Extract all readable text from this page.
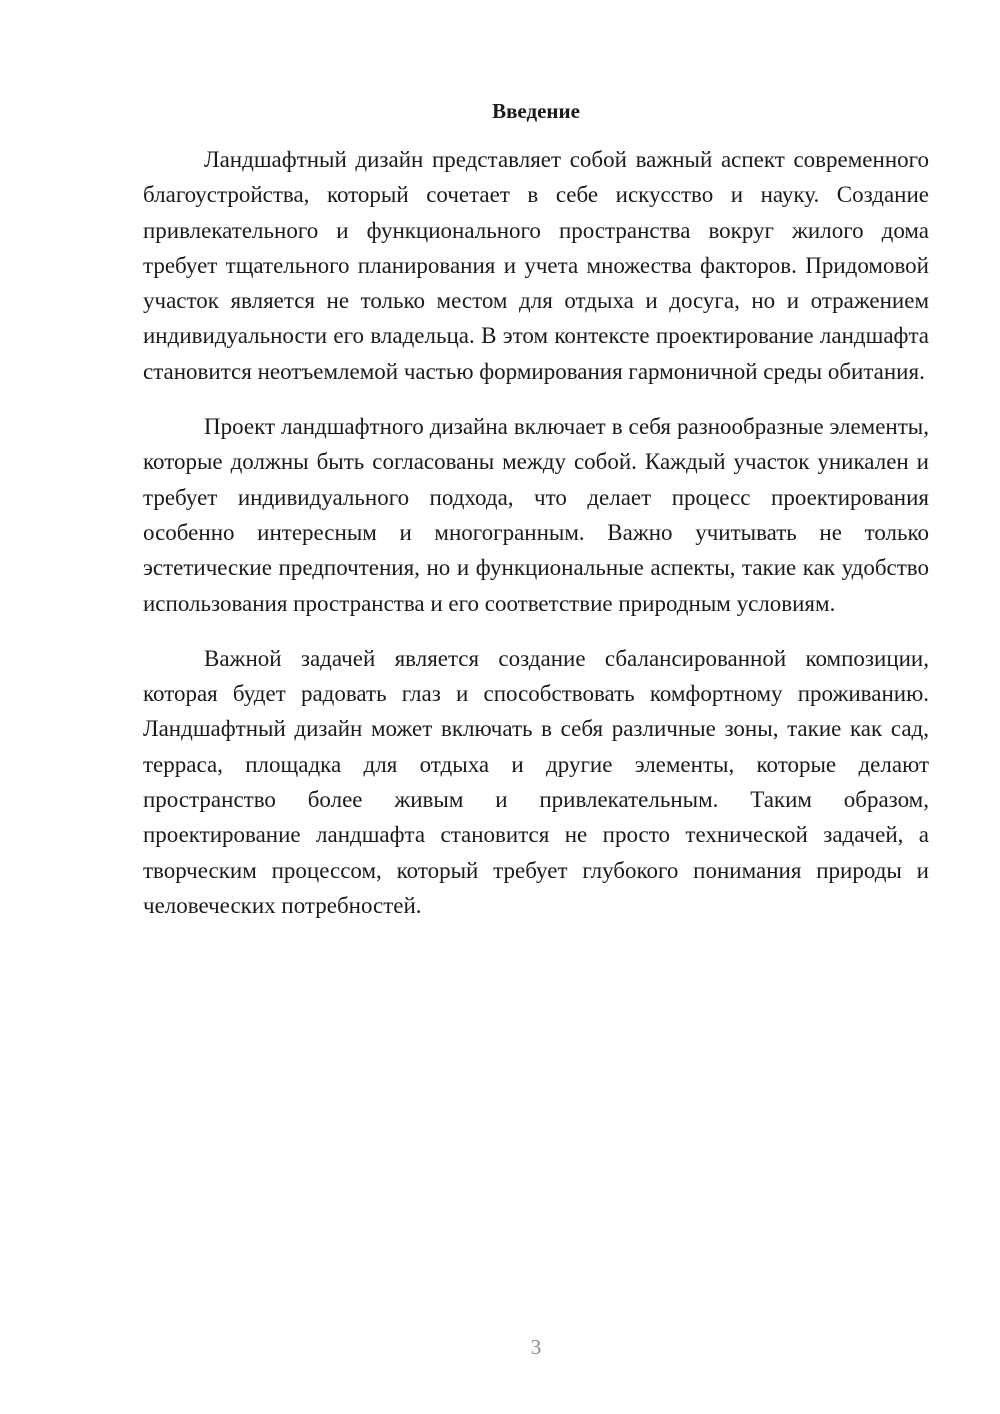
Введение

Ландшафтный дизайн представляет собой важный аспект современного благоустройства, который сочетает в себе искусство и науку. Создание привлекательного и функционального пространства вокруг жилого дома требует тщательного планирования и учета множества факторов. Придомовой участок является не только местом для отдыха и досуга, но и отражением индивидуальности его владельца. В этом контексте проектирование ландшафта становится неотъемлемой частью формирования гармоничной среды обитания.

Проект ландшафтного дизайна включает в себя разнообразные элементы, которые должны быть согласованы между собой. Каждый участок уникален и требует индивидуального подхода, что делает процесс проектирования особенно интересным и многогранным. Важно учитывать не только эстетические предпочтения, но и функциональные аспекты, такие как удобство использования пространства и его соответствие природным условиям.

Важной задачей является создание сбалансированной композиции, которая будет радовать глаз и способствовать комфортному проживанию. Ландшафтный дизайн может включать в себя различные зоны, такие как сад, терраса, площадка для отдыха и другие элементы, которые делают пространство более живым и привлекательным. Таким образом, проектирование ландшафта становится не просто технической задачей, а творческим процессом, который требует глубокого понимания природы и человеческих потребностей.

3
